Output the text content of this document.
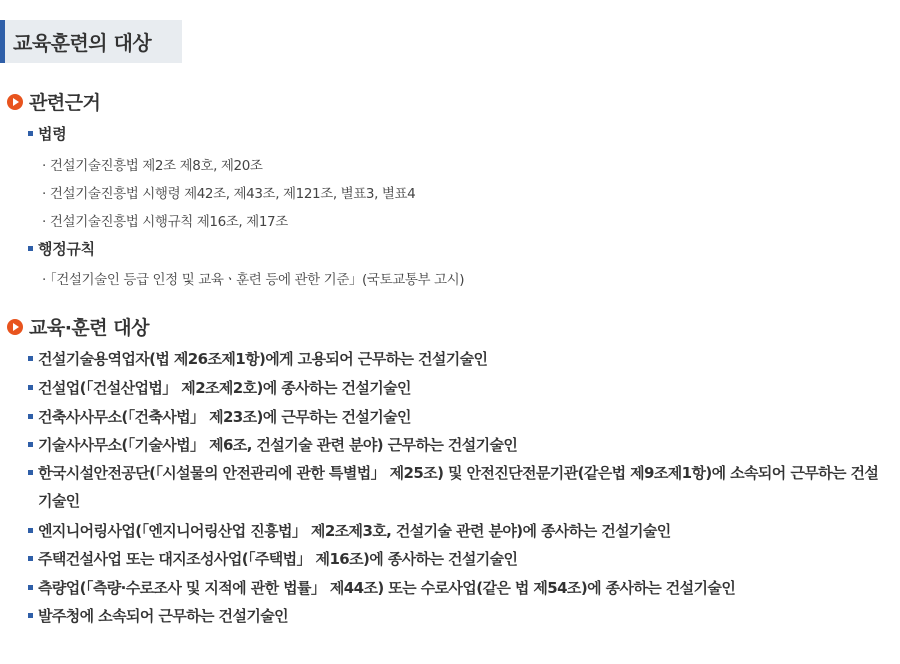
교육훈련의 대상
관련근거
법령
· 건설기술진흥법 제2조 제8호, 제20조
· 건설기술진흥법 시행령 제42조, 제43조, 제121조, 별표3, 별표4
· 건설기술진흥법 시행규칙 제16조, 제17조
행정규칙
· 「건설기술인 등급 인정 및 교육ㆍ훈련 등에 관한 기준」(국토교통부 고시)
교육·훈련 대상
건설기술용역업자(법 제26조제1항)에게 고용되어 근무하는 건설기술인
건설업(「건설산업법」 제2조제2호)에 종사하는 건설기술인
건축사사무소(「건축사법」 제23조)에 근무하는 건설기술인
기술사사무소(「기술사법」 제6조, 건설기술 관련 분야) 근무하는 건설기술인
한국시설안전공단(「시설물의 안전관리에 관한 특별법」 제25조) 및 안전진단전문기관(같은법 제9조제1항)에 소속되어 근무하는 건설기술인
엔지니어링사업(「엔지니어링산업 진흥법」 제2조제3호, 건설기술 관련 분야)에 종사하는 건설기술인
주택건설사업 또는 대지조성사업(「주택법」 제16조)에 종사하는 건설기술인
측량업(「측량·수로조사 및 지적에 관한 법률」 제44조) 또는 수로사업(같은 법 제54조)에 종사하는 건설기술인
발주청에 소속되어 근무하는 건설기술인
